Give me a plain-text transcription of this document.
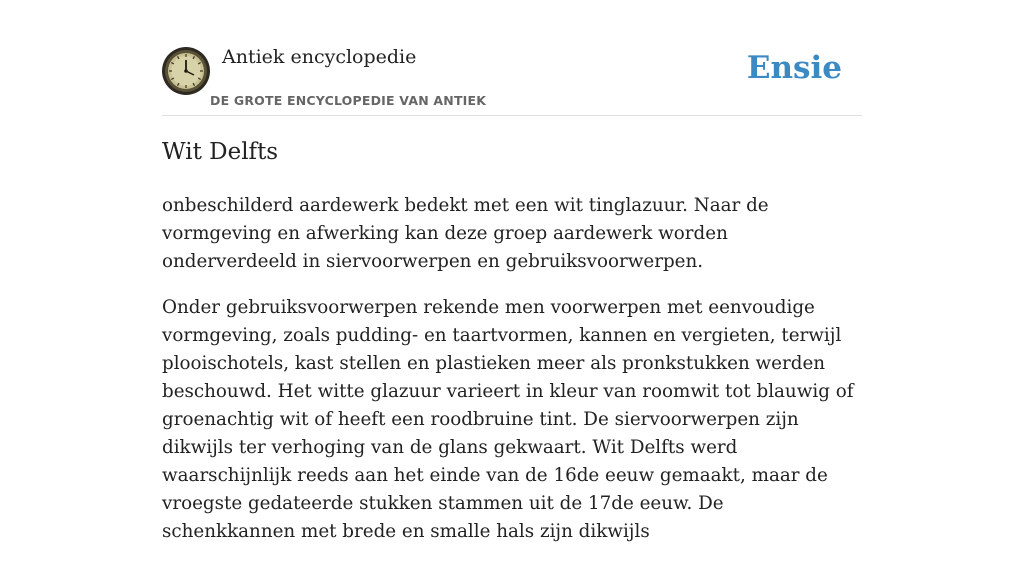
Antiek encyclopedie
DE GROTE ENCYCLOPEDIE VAN ANTIEK
Ensie
Wit Delfts

onbeschilderd aardewerk bedekt met een wit tinglazuur. Naar de vormgeving en afwerking kan deze groep aardewerk worden onderverdeeld in siervoorwerpen en gebruiksvoorwerpen.

Onder gebruiksvoorwerpen rekende men voorwerpen met eenvoudige vormgeving, zoals pudding- en taartvormen, kannen en vergieten, terwijl plooischotels, kast stellen en plastieken meer als pronkstukken werden beschouwd. Het witte glazuur varieert in kleur van roomwit tot blauwig of groenachtig wit of heeft een roodbruine tint. De siervoorwerpen zijn dikwijls ter verhoging van de glans gekwaart. Wit Delfts werd waarschijnlijk reeds aan het einde van de 16de eeuw gemaakt, maar de vroegste gedateerde stukken stammen uit de 17de eeuw. De schenkkannen met brede en smalle hals zijn dikwijls
